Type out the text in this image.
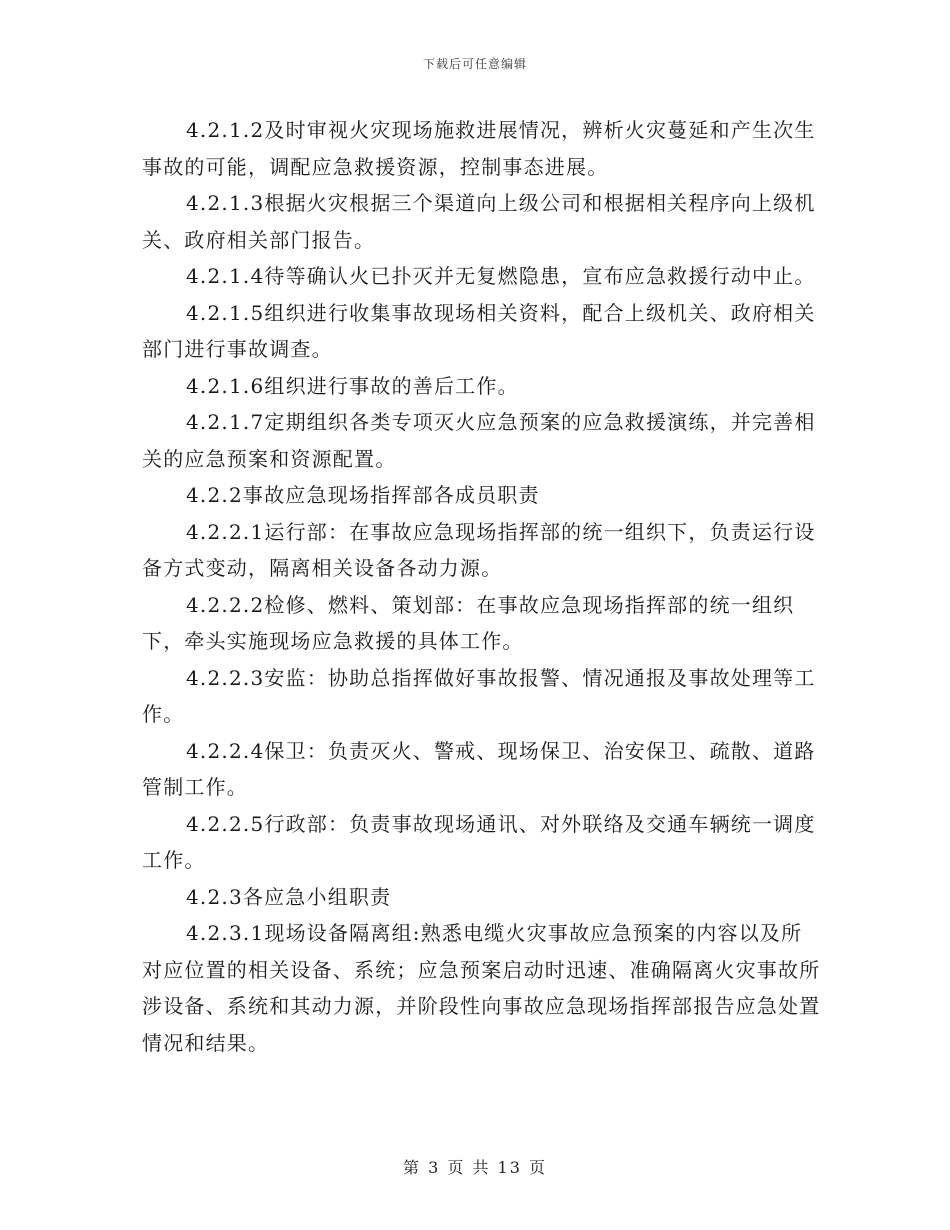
下载后可任意编辑

4.2.1.2及时审视火灾现场施救进展情况，辨析火灾蔓延和产生次生事故的可能，调配应急救援资源，控制事态进展。

4.2.1.3根据火灾根据三个渠道向上级公司和根据相关程序向上级机关、政府相关部门报告。

4.2.1.4待等确认火已扑灭并无复燃隐患，宣布应急救援行动中止。

4.2.1.5组织进行收集事故现场相关资料，配合上级机关、政府相关部门进行事故调查。

4.2.1.6组织进行事故的善后工作。

4.2.1.7定期组织各类专项灭火应急预案的应急救援演练，并完善相关的应急预案和资源配置。

4.2.2事故应急现场指挥部各成员职责

4.2.2.1运行部：在事故应急现场指挥部的统一组织下，负责运行设备方式变动，隔离相关设备各动力源。

4.2.2.2检修、燃料、策划部：在事故应急现场指挥部的统一组织下，牵头实施现场应急救援的具体工作。

4.2.2.3安监：协助总指挥做好事故报警、情况通报及事故处理等工作。

4.2.2.4保卫：负责灭火、警戒、现场保卫、治安保卫、疏散、道路管制工作。

4.2.2.5行政部：负责事故现场通讯、对外联络及交通车辆统一调度工作。

4.2.3各应急小组职责

4.2.3.1现场设备隔离组:熟悉电缆火灾事故应急预案的内容以及所对应位置的相关设备、系统；应急预案启动时迅速、准确隔离火灾事故所涉设备、系统和其动力源，并阶段性向事故应急现场指挥部报告应急处置情况和结果。

第 3 页 共 13 页
